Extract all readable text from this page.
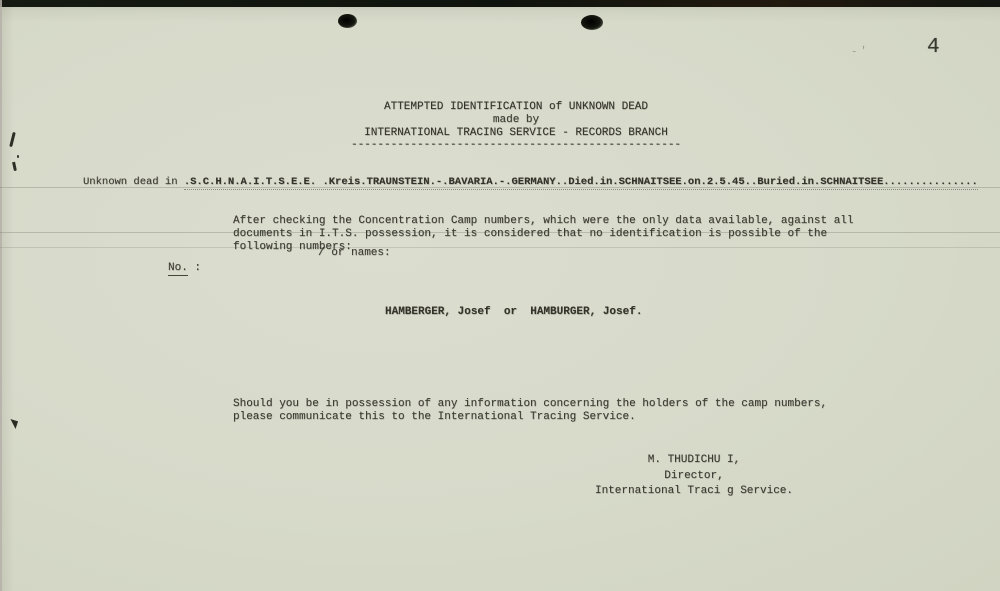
4
-'
ATTEMPTED IDENTIFICATION of UNKNOWN DEAD
made by
INTERNATIONAL TRACING SERVICE - RECORDS BRANCH
--------------------------------------------------
Unknown dead in .S.C.H.N.A.I.T.S.E.E. .Kreis.TRAUNSTEIN.-.BAVARIA.-.GERMANY..Died.in.SCHNAITSEE.on.2.5.45..Buried.in.SCHNAITSEE...............
After checking the Concentration Camp numbers, which were the only data available, against all
documents in I.T.S. possession, it is considered that no identification is possible of the
following numbers:
/ or names:
No. :
HAMBERGER, Josef  or  HAMBURGER, Josef.
Should you be in possession of any information concerning the holders of the camp numbers,
please communicate this to the International Tracing Service.
M. THUDICHU I,
Director,
International Traci g Service.
